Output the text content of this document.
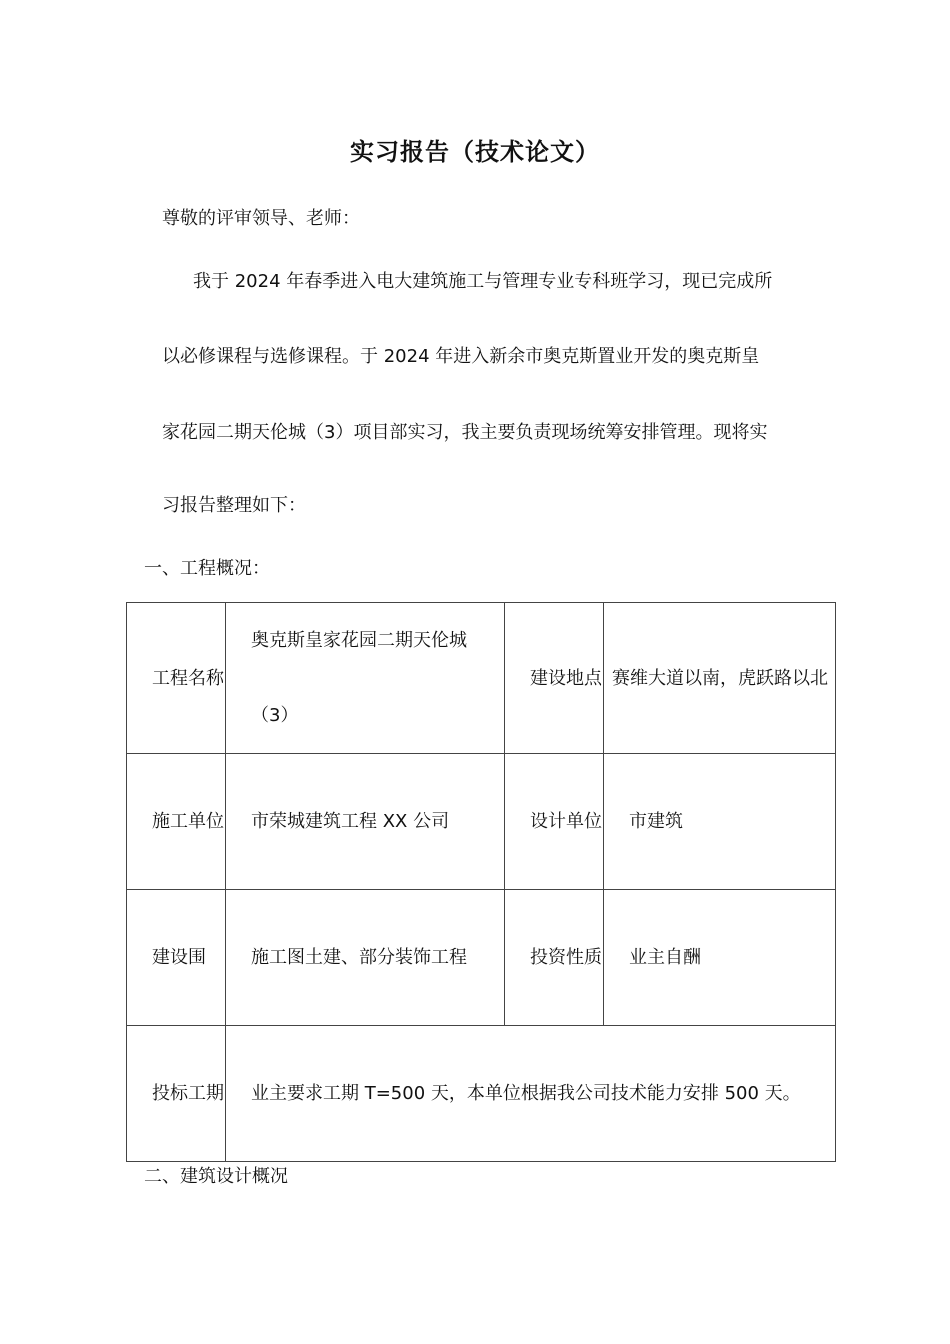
实习报告（技术论文）
尊敬的评审领导、老师：
我于 2024 年春季进入电大建筑施工与管理专业专科班学习，现已完成所
以必修课程与选修课程。于 2024 年进入新余市奥克斯置业开发的奥克斯皇
家花园二期天伦城（3）项目部实习，我主要负责现场统筹安排管理。现将实
习报告整理如下：
一、工程概况：
工程名称	奥克斯皇家花园二期天伦城 （3）	建设地点	赛维大道以南，虎跃路以北
施工单位	市荣城建筑工程 XX 公司	设计单位	市建筑
建设围	施工图土建、部分装饰工程	投资性质	业主自酬
投标工期	业主要求工期 T=500 天，本单位根据我公司技术能力安排 500 天。		
二、建筑设计概况
